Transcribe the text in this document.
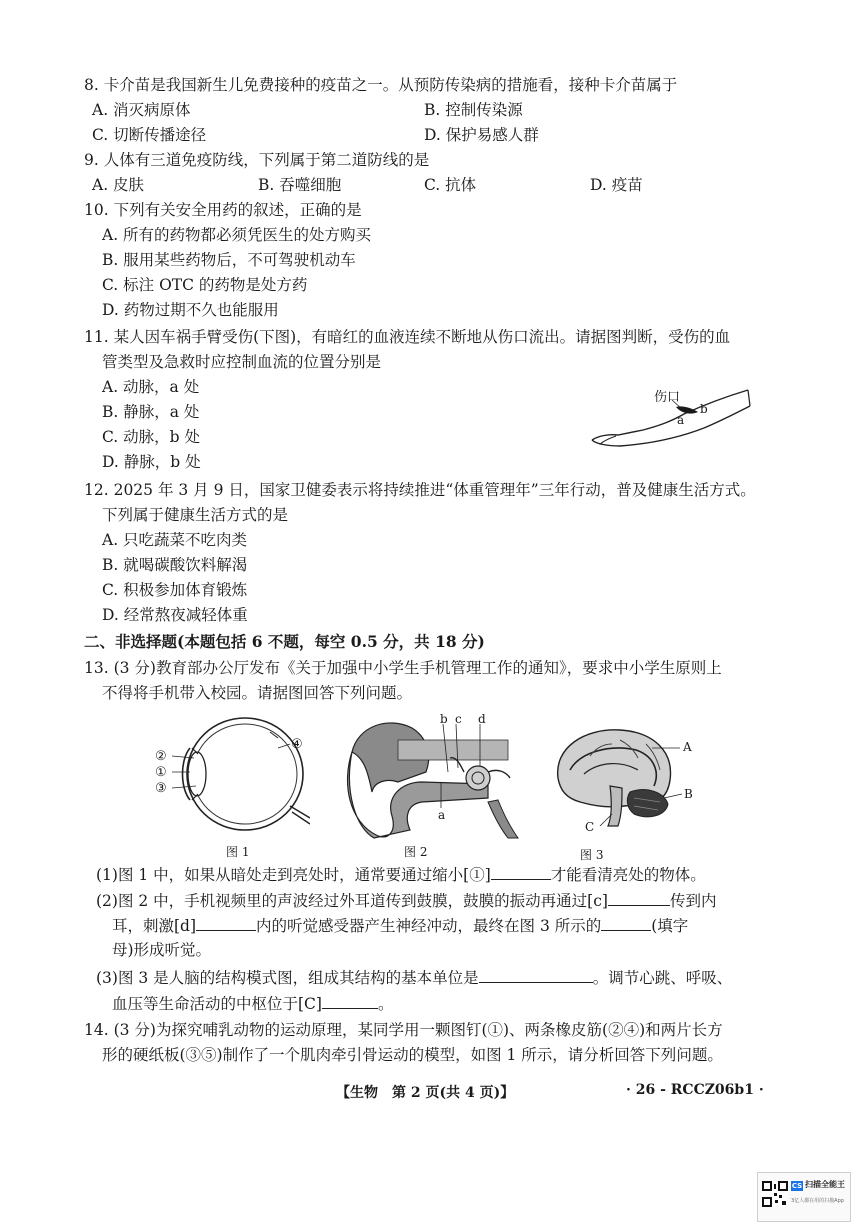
8. 卡介苗是我国新生儿免费接种的疫苗之一。从预防传染病的措施看，接种卡介苗属于
A. 消灭病原体	B. 控制传染源
C. 切断传播途径	D. 保护易感人群
9. 人体有三道免疫防线，下列属于第二道防线的是
A. 皮肤	B. 吞噬细胞	C. 抗体	D. 疫苗
10. 下列有关安全用药的叙述，正确的是
A. 所有的药物都必须凭医生的处方购买
B. 服用某些药物后，不可驾驶机动车
C. 标注 OTC 的药物是处方药
D. 药物过期不久也能服用
11. 某人因车祸手臂受伤(下图)，有暗红的血液连续不断地从伤口流出。请据图判断，受伤的血
管类型及急救时应控制血流的位置分别是
A. 动脉，a 处
B. 静脉，a 处
C. 动脉，b 处
D. 静脉，b 处
伤口
a
b
12. 2025 年 3 月 9 日，国家卫健委表示将持续推进“体重管理年”三年行动，普及健康生活方式。
下列属于健康生活方式的是
A. 只吃蔬菜不吃肉类
B. 就喝碳酸饮料解渴
C. 积极参加体育锻炼
D. 经常熬夜减轻体重
二、非选择题(本题包括 6 不题，每空 0.5 分，共 18 分)
13. (3 分)教育部办公厅发布《关于加强中小学生手机管理工作的通知》，要求中小学生原则上
不得将手机带入校园。请据图回答下列问题。
②
①
③
④
图 1
b c d
a
图 2
A
B
C
图 3
(1)图 1 中，如果从暗处走到亮处时，通常要通过缩小[①]	才能看清亮处的物体。
(2)图 2 中，手机视频里的声波经过外耳道传到鼓膜，鼓膜的振动再通过[c]	传到内
耳，刺激[d]	内的听觉感受器产生神经冲动，最终在图 3 所示的	(填字
母)形成听觉。
(3)图 3 是人脑的结构模式图，组成其结构的基本单位是	。调节心跳、呼吸、
血压等生命活动的中枢位于[C]	。
14. (3 分)为探究哺乳动物的运动原理，某同学用一颗图钉(①)、两条橡皮筋(②④)和两片长方
形的硬纸板(③⑤)制作了一个肌肉牵引骨运动的模型，如图 1 所示，请分析回答下列问题。
【生物　第 2 页(共 4 页)】	· 26 - RCCZ06b1 ·
CS 扫描全能王
3亿人都在用的扫描App
